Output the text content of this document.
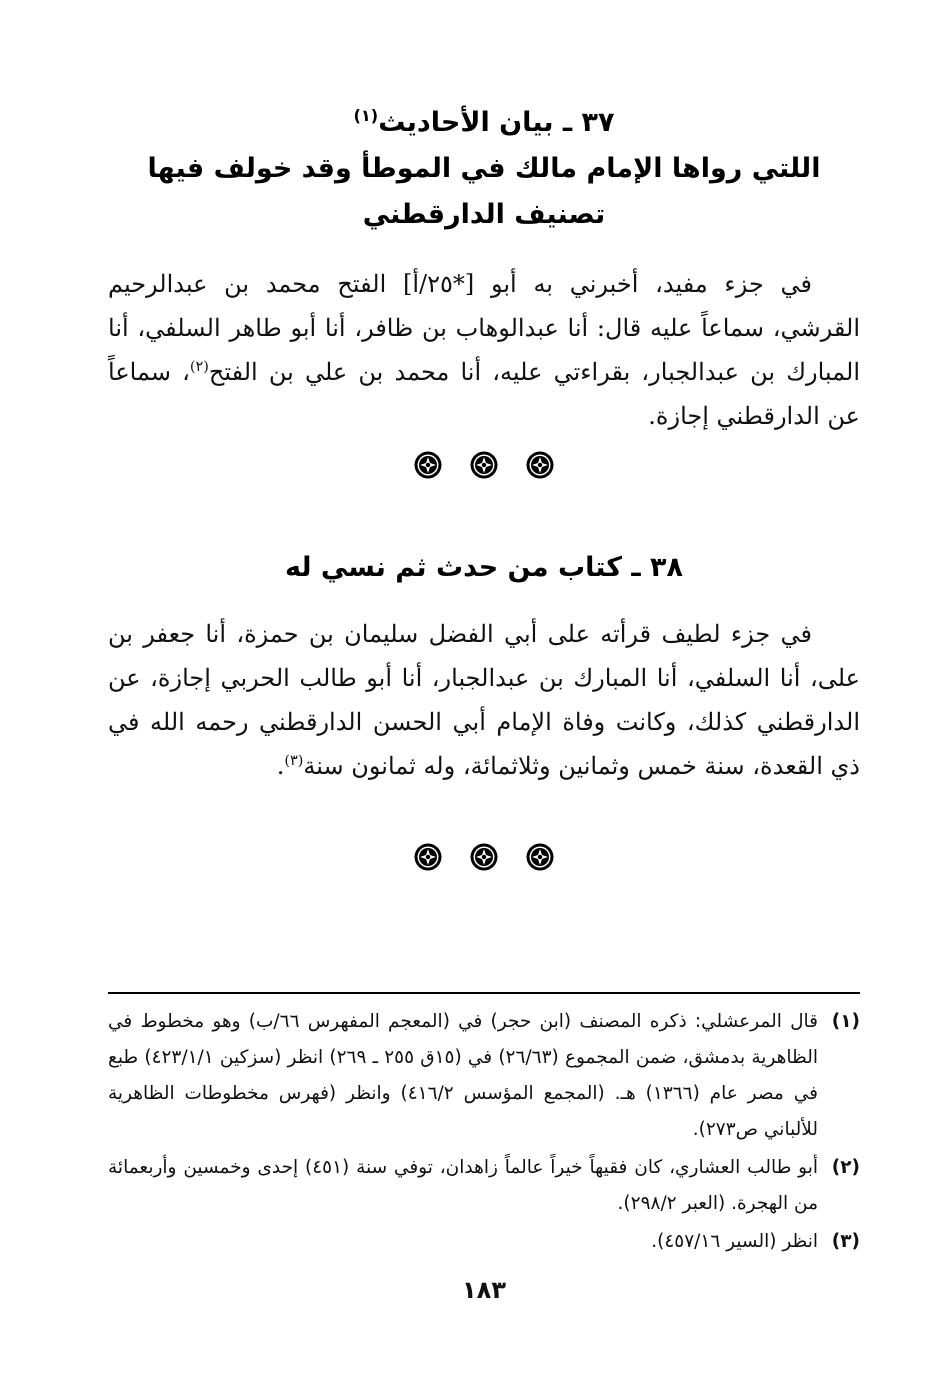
٣٧ ـ بيان الأحاديث$^{(١)}$

اللتي رواها الإمام مالك في الموطأ وقد خولف فيها

تصنيف الدارقطني

في جزء مفيد، أخبرني به أبو [*٢٥/أ] الفتح محمد بن عبدالرحيم القرشي، سماعاً عليه قال: أنا عبدالوهاب بن ظافر، أنا أبو طاهر السلفي، أنا المبارك بن عبدالجبار، بقراءتي عليه، أنا محمد بن علي بن الفتح$^{(٢)}$، سماعاً عن الدارقطني إجازة.

٣٨ ـ كتاب من حدث ثم نسي له

في جزء لطيف قرأته على أبي الفضل سليمان بن حمزة، أنا جعفر بن على، أنا السلفي، أنا المبارك بن عبدالجبار، أنا أبو طالب الحربي إجازة، عن الدارقطني كذلك، وكانت وفاة الإمام أبي الحسن الدارقطني رحمه الله في ذي القعدة، سنة خمس وثمانين وثلاثمائة، وله ثمانون سنة$^{(٣)}$.

(١)
قال المرعشلي: ذكره المصنف (ابن حجر) في (المعجم المفهرس ٦٦/ب) وهو مخطوط في الظاهرية بدمشق، ضمن المجموع (٢٦/٦٣) في (١٥ق ٢٥٥ ـ ٢٦٩) انظر (سزكين ٤٢٣/١/١) طبع في مصر عام (١٣٦٦) هـ. (المجمع المؤسس ٤١٦/٢) وانظر (فهرس مخطوطات الظاهرية للألباني ص٢٧٣).
(٢)
أبو طالب العشاري، كان فقيهاً خيراً عالماً زاهدان، توفي سنة (٤٥١) إحدى وخمسين وأربعمائة من الهجرة. (العبر ٢٩٨/٢).
(٣)
انظر (السير ٤٥٧/١٦).
١٨٣
